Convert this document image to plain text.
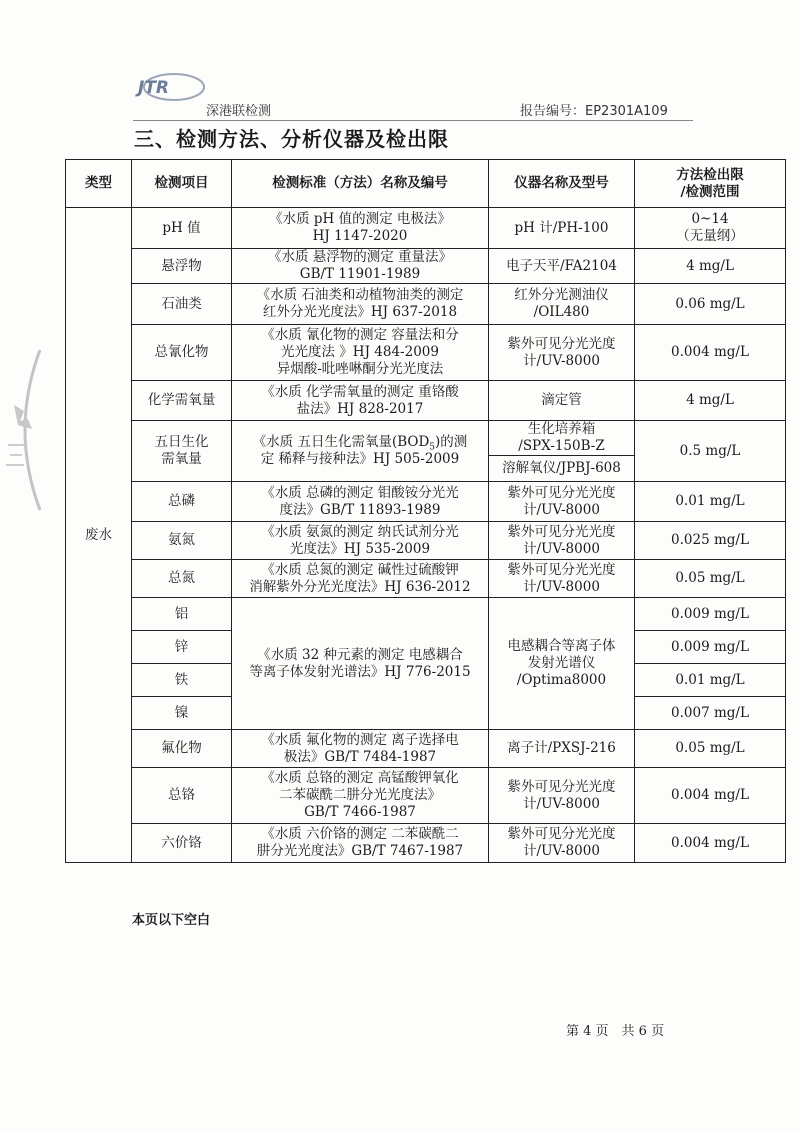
JTR
深港联检测	报告编号：EP2301A109
三、检测方法、分析仪器及检出限
类型	检测项目	检测标准（方法）名称及编号	仪器名称及型号	方法检出限
/检测范围

废水	pH 值	《水质 pH 值的测定 电极法》
HJ 1147-2020	pH 计/PH-100	0~14
（无量纲）

	悬浮物	《水质 悬浮物的测定 重量法》
GB/T 11901-1989	电子天平/FA2104	4 mg/L

	石油类	《水质 石油类和动植物油类的测定
红外分光光度法》HJ 637-2018	红外分光测油仪
/OIL480	0.06 mg/L

	总氰化物	《水质 氰化物的测定 容量法和分
光光度法 》HJ 484-2009
异烟酸-吡唑啉酮分光光度法	紫外可见分光光度
计/UV-8000	0.004 mg/L

	化学需氧量	《水质 化学需氧量的测定 重铬酸
盐法》HJ 828-2017	滴定管	4 mg/L

	五日生化
需氧量	《水质 五日生化需氧量$(BOD_5)$的测
定 稀释与接种法》HJ 505-2009	生化培养箱
/SPX-150B-Z	0.5 mg/L

			溶解氧仪/JPBJ-608	

	总磷	《水质 总磷的测定 钼酸铵分光光
度法》GB/T 11893-1989	紫外可见分光光度
计/UV-8000	0.01 mg/L

	氨氮	《水质 氨氮的测定 纳氏试剂分光
光度法》HJ 535-2009	紫外可见分光光度
计/UV-8000	0.025 mg/L

	总氮	《水质 总氮的测定 碱性过硫酸钾
消解紫外分光光度法》HJ 636-2012	紫外可见分光光度
计/UV-8000	0.05 mg/L

	铝	《水质 32 种元素的测定 电感耦合
等离子体发射光谱法》HJ 776-2015	电感耦合等离子体
发射光谱仪
/Optima8000	0.009 mg/L

	锌			0.009 mg/L

	铁			0.01 mg/L

	镍			0.007 mg/L

	氟化物	《水质 氟化物的测定 离子选择电
极法》GB/T 7484-1987	离子计/PXSJ-216	0.05 mg/L

	总铬	《水质 总铬的测定 高锰酸钾氧化
二苯碳酰二肼分光光度法》
GB/T 7466-1987	紫外可见分光光度
计/UV-8000	0.004 mg/L

	六价铬	《水质 六价铬的测定 二苯碳酰二
肼分光光度法》GB/T 7467-1987	紫外可见分光光度
计/UV-8000	0.004 mg/L
本页以下空白
第 4 页　共 6 页
